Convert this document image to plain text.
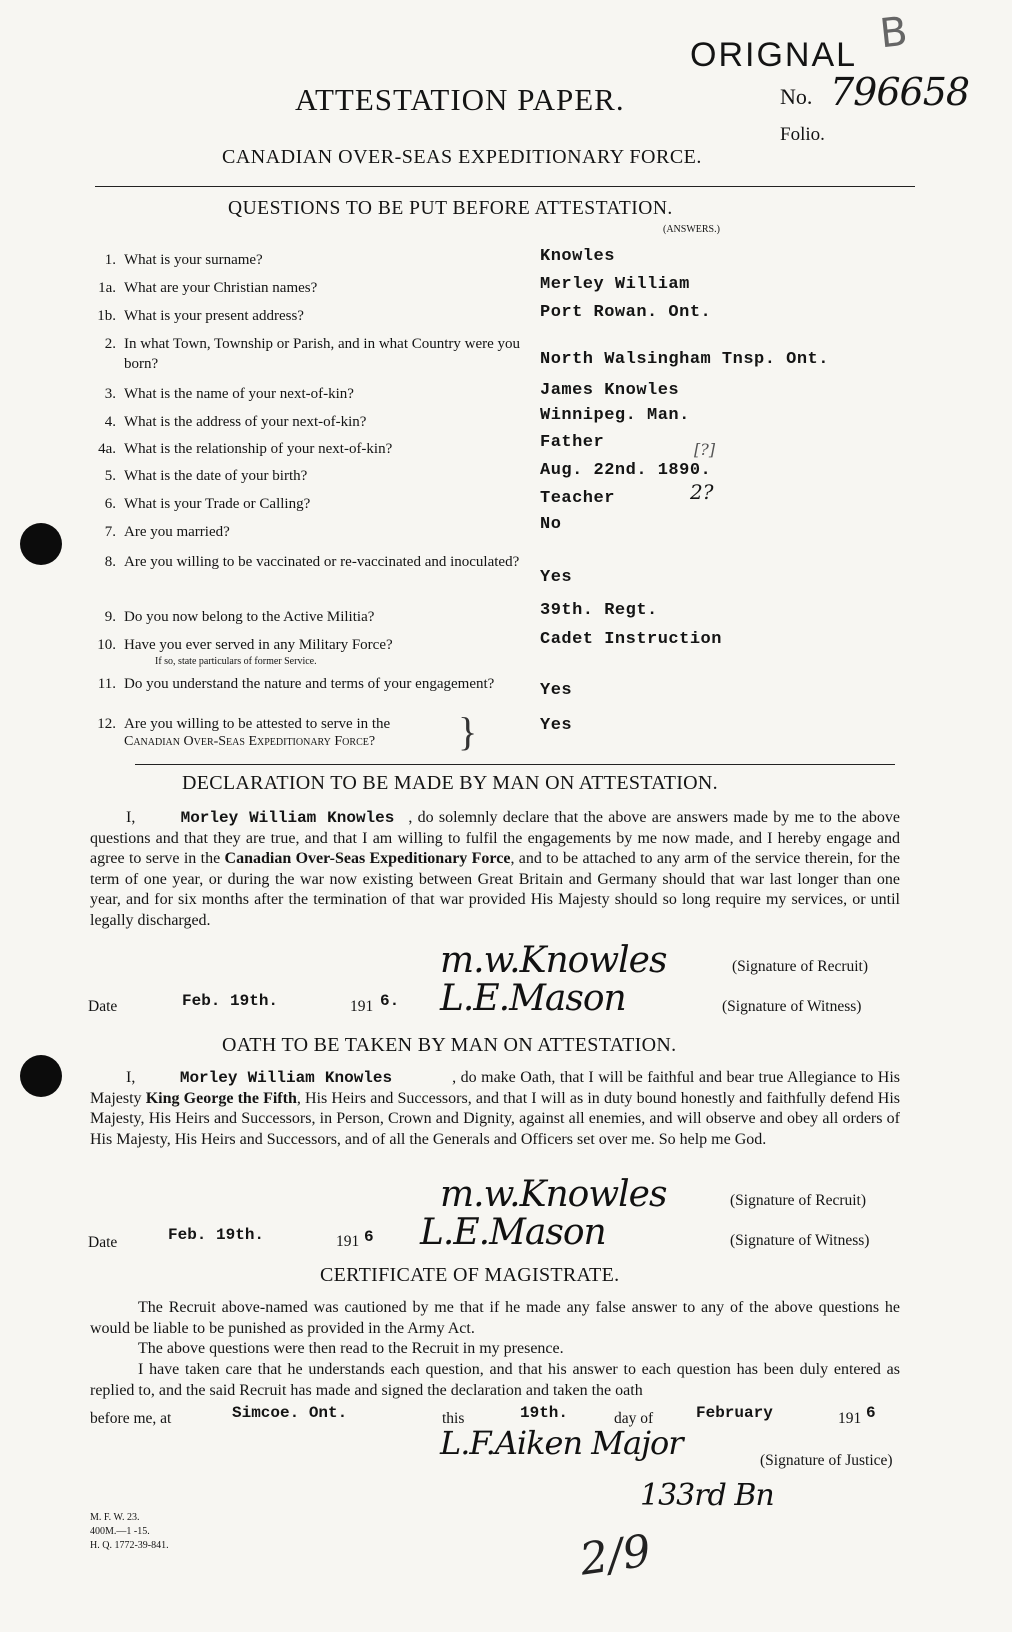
B
ORIGNAL
ATTESTATION PAPER.	No. 796658
Folio.
CANADIAN OVER-SEAS EXPEDITIONARY FORCE.
QUESTIONS TO BE PUT BEFORE ATTESTATION.
(ANSWERS.)
1. What is your surname?	Knowles
1a. What are your Christian names?	Merley William
1b. What is your present address?	Port Rowan. Ont.
2. In what Town, Township or Parish, and in what Country were you born?	North Walsingham Tnsp. Ont.
3. What is the name of your next-of-kin?	James Knowles
4. What is the address of your next-of-kin?	Winnipeg. Man.
4a. What is the relationship of your next-of-kin?	Father
5. What is the date of your birth?	Aug. 22nd. 1890.
[?]
6. What is your Trade or Calling?	Teacher	2?
7. Are you married?	No
8. Are you willing to be vaccinated or re-vaccinated and inoculated?
Yes
9. Do you now belong to the Active Militia?	39th. Regt.
10. Have you ever served in any Military Force?
If so, state particulars of former Service.
Cadet Instruction
11. Do you understand the nature and terms of your engagement?	Yes
12. Are you willing to be attested to serve in the
Canadian Over-Seas Expeditionary Force? }	Yes
DECLARATION TO BE MADE BY MAN ON ATTESTATION.
I,	Morley William Knowles , do solemnly declare that the above are answers made by me to the above questions and that they are true, and that I am willing to fulfil the engagements by me now made, and I hereby engage and agree to serve in the Canadian Over-Seas Expeditionary Force, and to be attached to any arm of the service therein, for the term of one year, or during the war now existing between Great Britain and Germany should that war last longer than one year, and for six months after the termination of that war provided His Majesty should so long require my services, or until legally discharged.
m.w.Knowles	(Signature of Recruit)
Date	Feb. 19th.	191 6. L.E.Mason	(Signature of Witness)
OATH TO BE TAKEN BY MAN ON ATTESTATION.
I,	Morley William Knowles	, do make Oath, that I will be faithful and bear true Allegiance to His Majesty King George the Fifth, His Heirs and Successors, and that I will as in duty bound honestly and faithfully defend His Majesty, His Heirs and Successors, in Person, Crown and Dignity, against all enemies, and will observe and obey all orders of His Majesty, His Heirs and Successors, and of all the Generals and Officers set over me. So help me God.
m.w.Knowles	(Signature of Recruit)
Date	Feb. 19th.	191 6 L.E.Mason	(Signature of Witness)
CERTIFICATE OF MAGISTRATE.
The Recruit above-named was cautioned by me that if he made any false answer to any of the above questions he would be liable to be punished as provided in the Army Act.
The above questions were then read to the Recruit in my presence.
I have taken care that he understands each question, and that his answer to each question has been duly entered as replied to, and the said Recruit has made and signed the declaration and taken the oath
before me, at	Simcoe. Ont.	this	19th.	day of	February	191 6
L.F.Aiken Major	(Signature of Justice)
133rd Bn
M. F. W. 23.
400M.—1 -15.
H. Q. 1772-39-841.	2/9
